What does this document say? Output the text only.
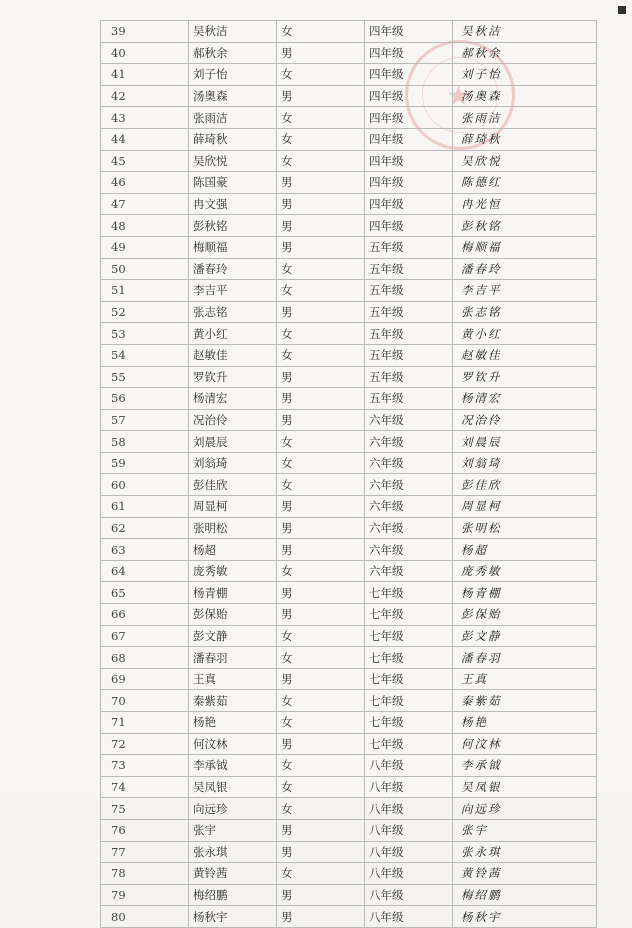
★
39	吴秋洁	女	四年级	吴秋洁
40	郝秋余	男	四年级	郝秋余
41	刘子怡	女	四年级	刘子怡
42	汤奥森	男	四年级	汤奥森
43	张雨洁	女	四年级	张雨洁
44	薛琦秋	女	四年级	薛琦秋
45	吴欣悦	女	四年级	吴欣悦
46	陈国豪	男	四年级	陈德红
47	冉文强	男	四年级	冉光恒
48	彭秋铭	男	四年级	彭秋铭
49	梅顺福	男	五年级	梅顺福
50	潘春玲	女	五年级	潘春玲
51	李吉平	女	五年级	李吉平
52	张志铭	男	五年级	张志铭
53	黄小红	女	五年级	黄小红
54	赵敏佳	女	五年级	赵敏佳
55	罗钦升	男	五年级	罗钦升
56	杨清宏	男	五年级	杨清宏
57	况治伶	男	六年级	况治伶
58	刘晨辰	女	六年级	刘晨辰
59	刘翁琦	女	六年级	刘翁琦
60	彭佳欣	女	六年级	彭佳欣
61	周显柯	男	六年级	周显柯
62	张明松	男	六年级	张明松
63	杨超	男	六年级	杨超
64	庞秀敏	女	六年级	庞秀敏
65	杨青棚	男	七年级	杨青棚
66	彭保贻	男	七年级	彭保贻
67	彭文静	女	七年级	彭文静
68	潘春羽	女	七年级	潘春羽
69	王真	男	七年级	王真
70	秦紫茹	女	七年级	秦紫茹
71	杨艳	女	七年级	杨艳
72	何汶林	男	七年级	何汶林
73	李承钺	女	八年级	李承钺
74	吴凤银	女	八年级	吴凤银
75	向远珍	女	八年级	向远珍
76	张宇	男	八年级	张宇
77	张永琪	男	八年级	张永琪
78	黄铃茜	女	八年级	黄铃茜
79	梅绍鹏	男	八年级	梅绍鹏
80	杨秋宇	男	八年级	杨秋宇
